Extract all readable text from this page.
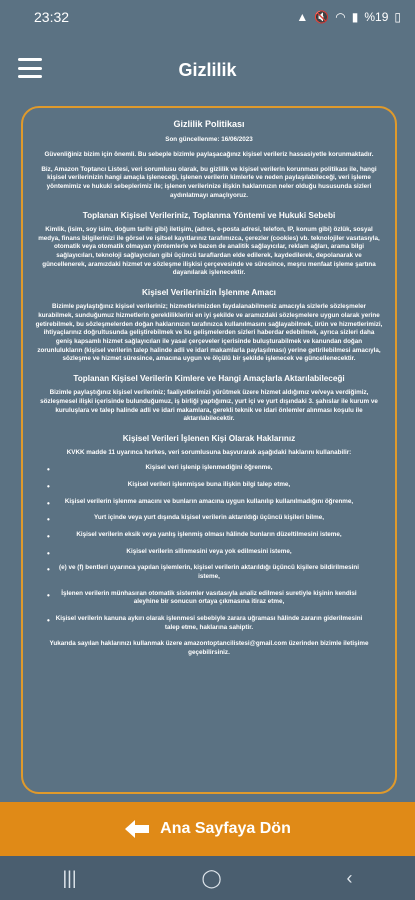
23:32	▲ 🔇 ◠ ▮ %19 ▯
Gizlilik
Gizlilik Politikası

Son güncellenme: 16/06/2023

Güvenliğiniz bizim için önemli. Bu sebeple bizimle paylaşacağınız kişisel verileriz hassasiyetle korunmaktadır.

Biz, Amazon Toptancı Listesi, veri sorumlusu olarak, bu gizlilik ve kişisel verilerin korunması politikası ile, hangi kişisel verilerinizin hangi amaçla işleneceği, işlenen verilerin kimlerle ve neden paylaşılabileceği, veri işleme yöntemimiz ve hukuki sebeplerimiz ile; işlenen verilerinize ilişkin haklarınızın neler olduğu hususunda sizleri aydınlatmayı amaçlıyoruz.

Toplanan Kişisel Verileriniz, Toplanma Yöntemi ve Hukuki Sebebi

Kimlik, (isim, soy isim, doğum tarihi gibi) iletişim, (adres, e-posta adresi, telefon, IP, konum gibi) özlük, sosyal medya, finans bilgilerinizi ile görsel ve işitsel kayıtlarınız tarafımızca, çerezler (cookies) vb. teknolojiler vasıtasıyla, otomatik veya otomatik olmayan yöntemlerle ve bazen de analitik sağlayıcılar, reklam ağları, arama bilgi sağlayıcıları, teknoloji sağlayıcıları gibi üçüncü taraflardan elde edilerek, kaydedilerek, depolanarak ve güncellenerek, aramızdaki hizmet ve sözleşme ilişkisi çerçevesinde ve süresince, meşru menfaat işleme şartına dayanılarak işlenecektir.

Kişisel Verilerinizin İşlenme Amacı

Bizimle paylaştığınız kişisel verileriniz; hizmetlerimizden faydalanabilmeniz amacıyla sizlerle sözleşmeler kurabilmek, sunduğumuz hizmetlerin gerekliliklerini en iyi şekilde ve aramızdaki sözleşmelere uygun olarak yerine getirebilmek, bu sözleşmelerden doğan haklarınızın tarafınızca kullanılmasını sağlayabilmek, ürün ve hizmetlerimizi, ihtiyaçlarınız doğrultusunda geliştirebilmek ve bu gelişmelerden sizleri haberdar edebilmek, ayrıca sizleri daha geniş kapsamlı hizmet sağlayıcıları ile yasal çerçeveler içerisinde buluşturabilmek ve kanundan doğan zorunlulukların (kişisel verilerin talep halinde adli ve idari makamlarla paylaşılması) yerine getirilebilmesi amacıyla, sözleşme ve hizmet süresince, amacına uygun ve ölçülü bir şekilde işlenecek ve güncellenecektir.

Toplanan Kişisel Verilerin Kimlere ve Hangi Amaçlarla Aktarılabileceği

Bizimle paylaştığınız kişisel verileriniz; faaliyetlerimizi yürütmek üzere hizmet aldığımız ve/veya verdiğimiz, sözleşmesel ilişki içerisinde bulunduğumuz, iş birliği yaptığımız, yurt içi ve yurt dışındaki 3. şahıslar ile kurum ve kuruluşlara ve talep halinde adli ve idari makamlara, gerekli teknik ve idari önlemler alınması koşulu ile aktarılabilecektir.

Kişisel Verileri İşlenen Kişi Olarak Haklarınız

KVKK madde 11 uyarınca herkes, veri sorumlusuna başvurarak aşağıdaki haklarını kullanabilir:

• Kişisel veri işlenip işlenmediğini öğrenme,
• Kişisel verileri işlenmişse buna ilişkin bilgi talep etme,
• Kişisel verilerin işlenme amacını ve bunların amacına uygun kullanılıp kullanılmadığını öğrenme,
• Yurt içinde veya yurt dışında kişisel verilerin aktarıldığı üçüncü kişileri bilme,
• Kişisel verilerin eksik veya yanlış işlenmiş olması hâlinde bunların düzeltilmesini isteme,
• Kişisel verilerin silinmesini veya yok edilmesini isteme,
• (e) ve (f) bentleri uyarınca yapılan işlemlerin, kişisel verilerin aktarıldığı üçüncü kişilere bildirilmesini isteme,
• İşlenen verilerin münhasıran otomatik sistemler vasıtasıyla analiz edilmesi suretiyle kişinin kendisi aleyhine bir sonucun ortaya çıkmasına itiraz etme,
• Kişisel verilerin kanuna aykırı olarak işlenmesi sebebiyle zarara uğraması hâlinde zararın giderilmesini talep etme, haklarına sahiptir.

Yukarıda sayılan haklarınızı kullanmak üzere amazontoptancilistesi@gmail.com üzerinden bizimle iletişime geçebilirsiniz.

Ana Sayfaya Dön
|||	◯	‹
